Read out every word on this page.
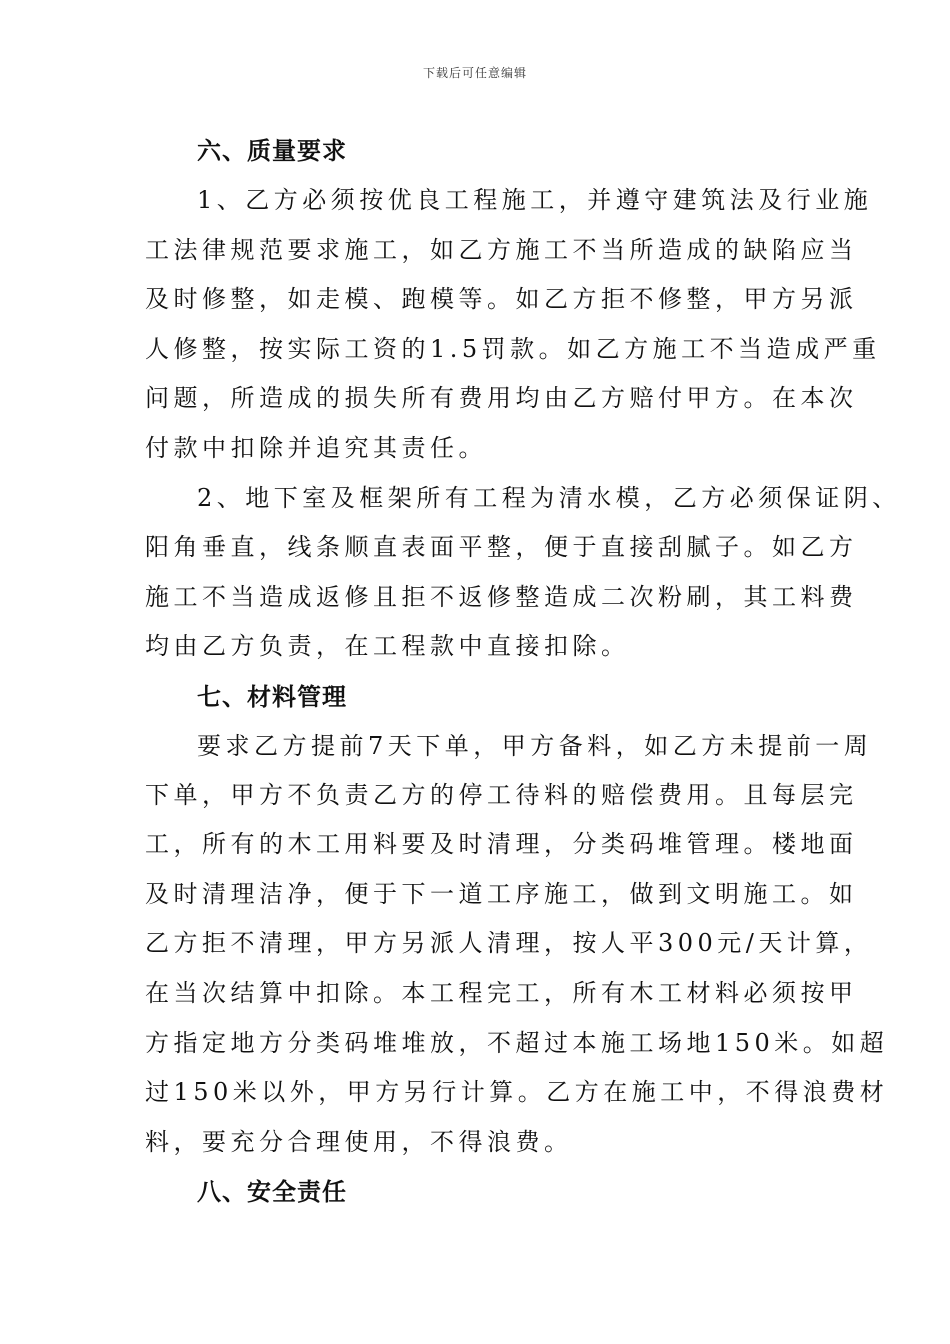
下载后可任意编辑
六、质量要求
1、乙方必须按优良工程施工，并遵守建筑法及行业施
工法律规范要求施工，如乙方施工不当所造成的缺陷应当
及时修整，如走模、跑模等。如乙方拒不修整，甲方另派
人修整，按实际工资的1.5罚款。如乙方施工不当造成严重
问题，所造成的损失所有费用均由乙方赔付甲方。在本次
付款中扣除并追究其责任。
2、地下室及框架所有工程为清水模，乙方必须保证阴、
阳角垂直，线条顺直表面平整，便于直接刮腻子。如乙方
施工不当造成返修且拒不返修整造成二次粉刷，其工料费
均由乙方负责，在工程款中直接扣除。
七、材料管理
要求乙方提前7天下单，甲方备料，如乙方未提前一周
下单，甲方不负责乙方的停工待料的赔偿费用。且每层完
工，所有的木工用料要及时清理，分类码堆管理。楼地面
及时清理洁净，便于下一道工序施工，做到文明施工。如
乙方拒不清理，甲方另派人清理，按人平300元/天计算，
在当次结算中扣除。本工程完工，所有木工材料必须按甲
方指定地方分类码堆堆放，不超过本施工场地150米。如超
过150米以外，甲方另行计算。乙方在施工中，不得浪费材
料，要充分合理使用，不得浪费。
八、安全责任
